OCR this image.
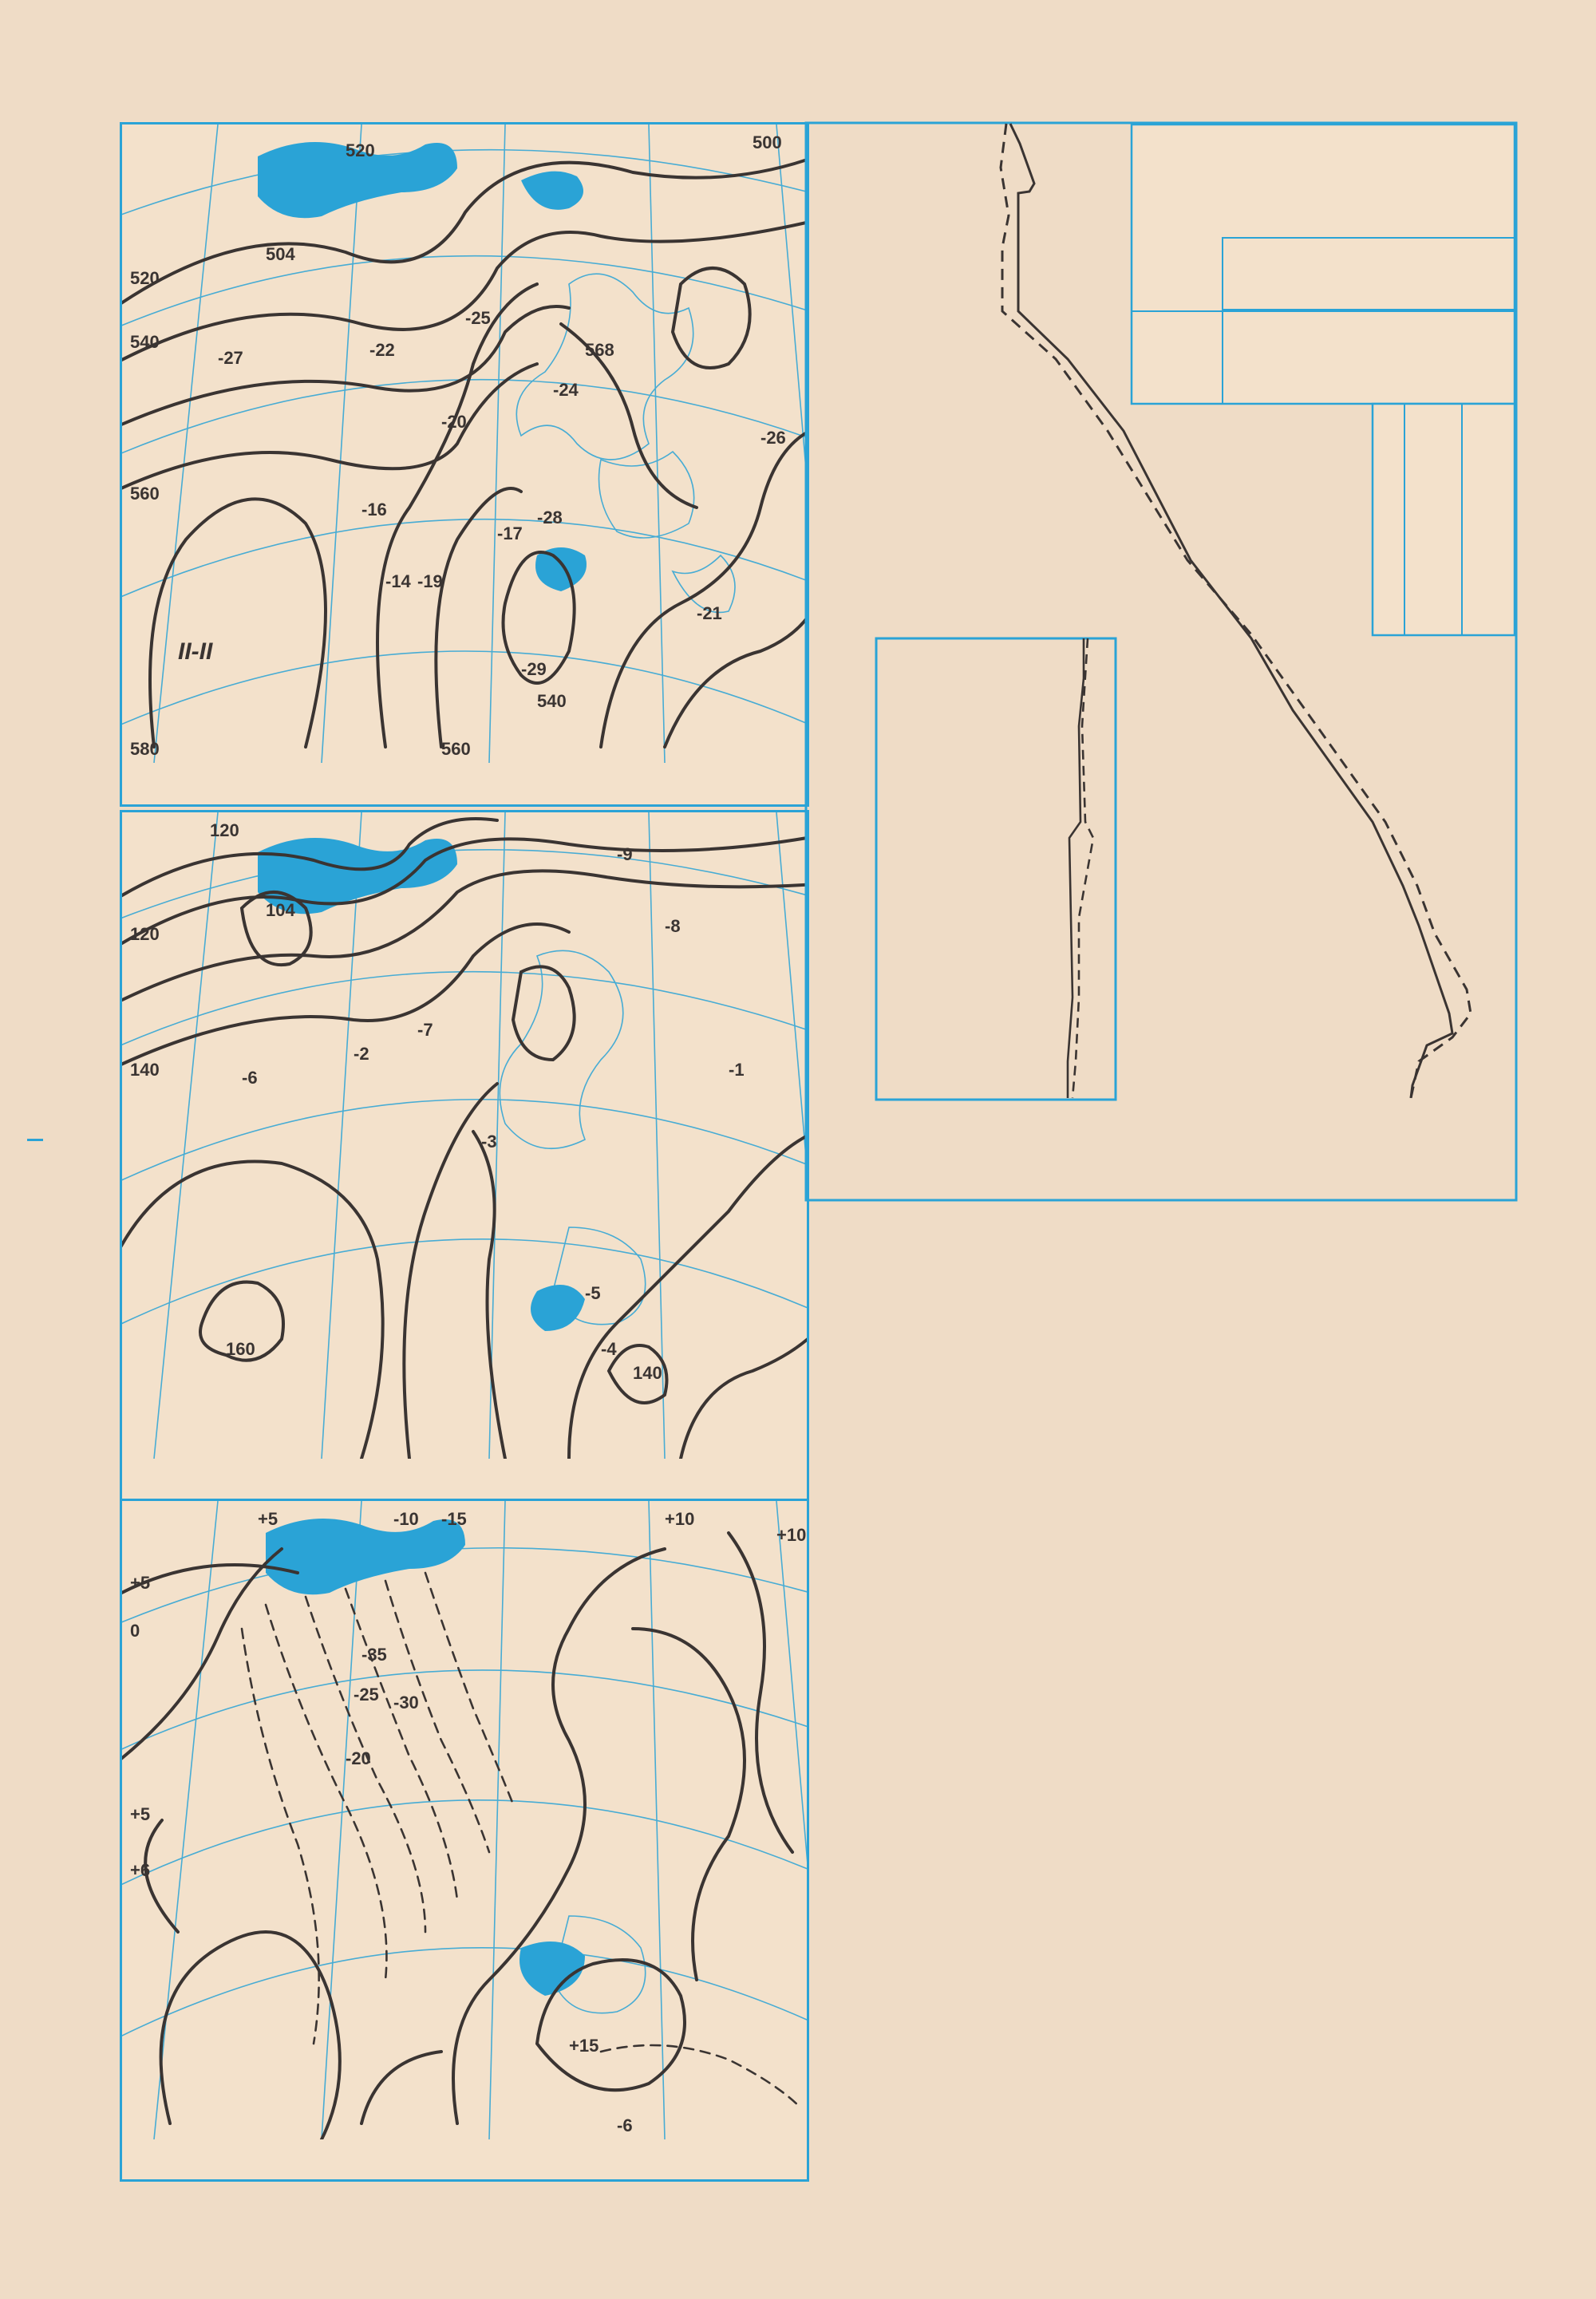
520	500
520
540
560
504
-25
-27	-22
-19
-20
-24
-28
-26
-17
-16
-14
-29
-21
560
568
540
580
II-II
120
120
104
140
160
-2
-3
-5
-6
-7
-8
-9
-1
-4
140
+5
+5
-10 -15	+10
0
-20
-25 -30
-35
+15
+6
+5
-6
+10
